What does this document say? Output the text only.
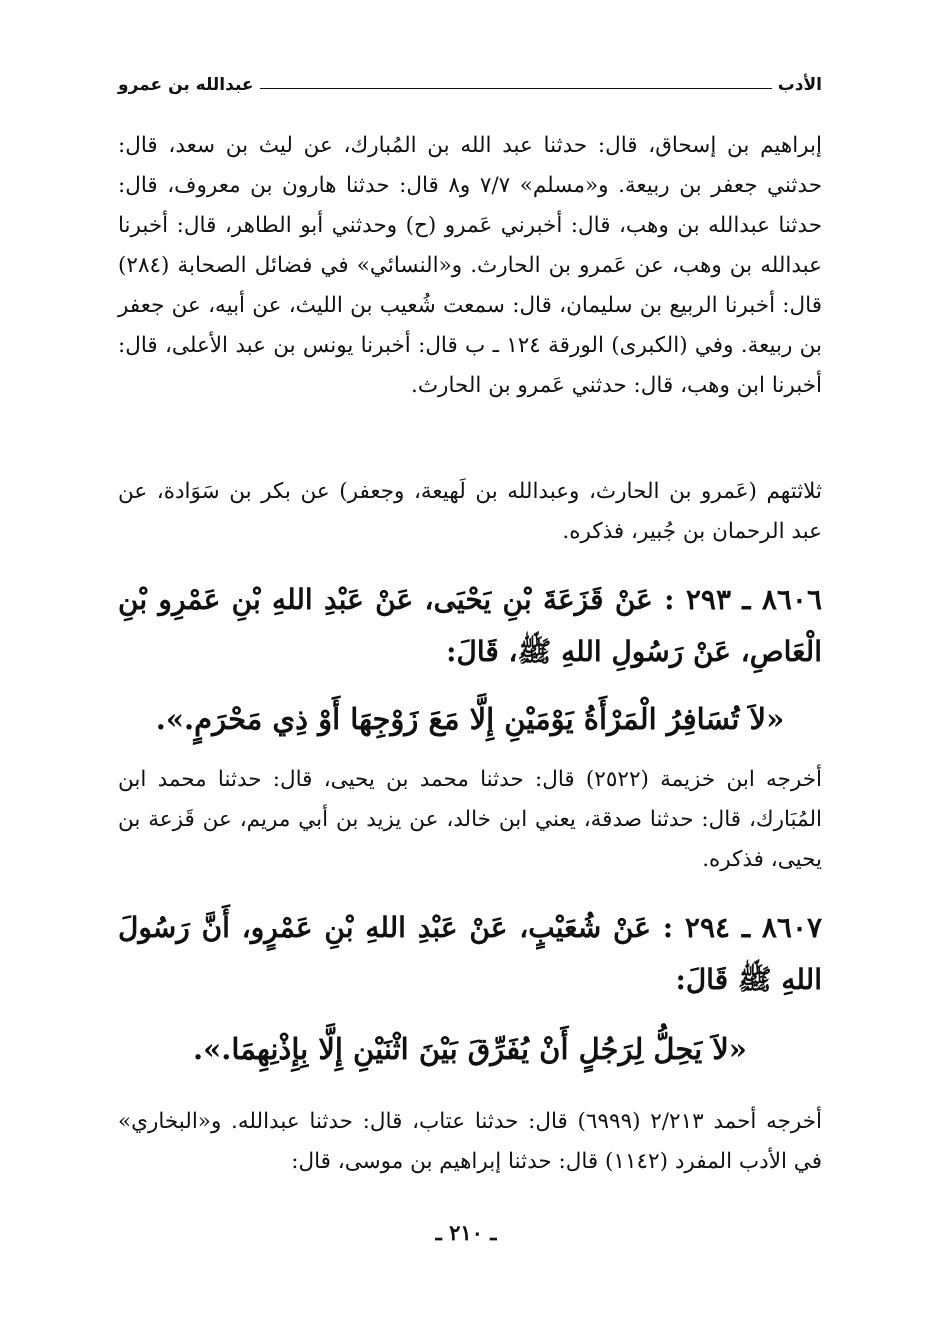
الأدب
عبدالله بن عمرو

إبراهيم بن إسحاق، قال: حدثنا عبد الله بن المُبارك، عن ليث بن سعد، قال: حدثني جعفر بن ربيعة. و«مسلم» ٧/٧ و٨ قال: حدثنا هارون بن معروف، قال: حدثنا عبدالله بن وهب، قال: أخبرني عَمرو (ح) وحدثني أبو الطاهر، قال: أخبرنا عبدالله بن وهب، عن عَمرو بن الحارث. و«النسائي» في فضائل الصحابة (٢٨٤) قال: أخبرنا الربيع بن سليمان، قال: سمعت شُعيب بن الليث، عن أبيه، عن جعفر بن ربيعة. وفي (الكبرى) الورقة ١٢٤ ـ ب قال: أخبرنا يونس بن عبد الأعلى، قال: أخبرنا ابن وهب، قال: حدثني عَمرو بن الحارث.

ثلاثتهم (عَمرو بن الحارث، وعبدالله بن لَهيعة، وجعفر) عن بكر بن سَوَادة، عن عبد الرحمان بن جُبير، فذكره.

٨٦٠٦ ـ ٢٩٣ : عَنْ قَزَعَةَ بْنِ يَحْيَى، عَنْ عَبْدِ اللهِ بْنِ عَمْرِو بْنِ الْعَاصِ، عَنْ رَسُولِ اللهِ ﷺ، قَالَ:

«لاَ تُسَافِرُ الْمَرْأَةُ يَوْمَيْنِ إِلَّا مَعَ زَوْجِهَا أَوْ ذِي مَحْرَمٍ.».

أخرجه ابن خزيمة (٢٥٢٢) قال: حدثنا محمد بن يحيى، قال: حدثنا محمد ابن المُبَارك، قال: حدثنا صدقة، يعني ابن خالد، عن يزيد بن أبي مريم، عن قَزعة بن يحيى، فذكره.

٨٦٠٧ ـ ٢٩٤ : عَنْ شُعَيْبٍ، عَنْ عَبْدِ اللهِ بْنِ عَمْرٍو، أَنَّ رَسُولَ اللهِ ﷺ قَالَ:

«لاَ يَحِلُّ لِرَجُلٍ أَنْ يُفَرِّقَ بَيْنَ اثْنَيْنِ إِلَّا بِإِذْنِهِمَا.».

أخرجه أحمد ٢/٢١٣ (٦٩٩٩) قال: حدثنا عتاب، قال: حدثنا عبدالله. و«البخاري» في الأدب المفرد (١١٤٢) قال: حدثنا إبراهيم بن موسى، قال:

ـ ٢١٠ ـ
